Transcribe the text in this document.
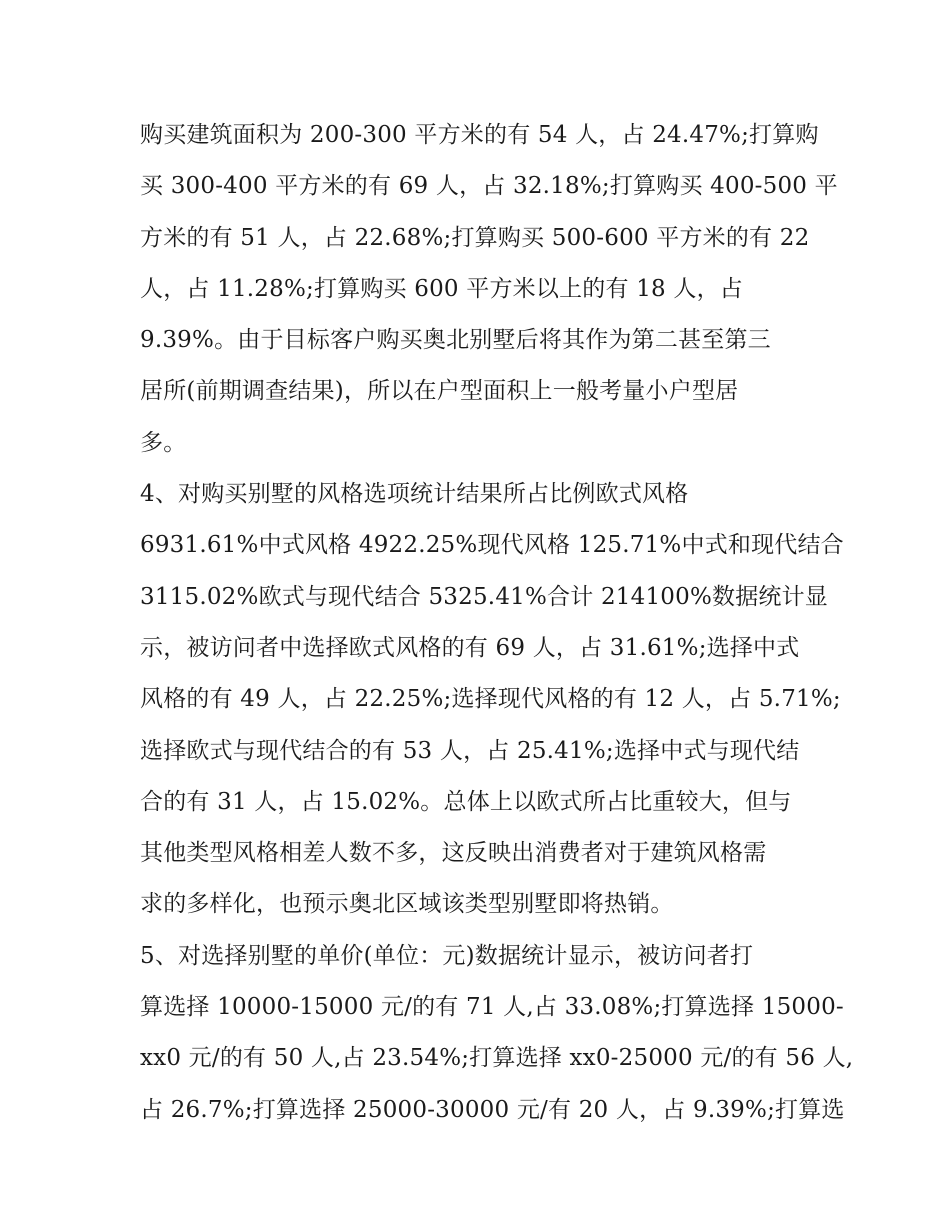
购买建筑面积为 200-300 平方米的有 54 人，占 24.47%;打算购
买 300-400 平方米的有 69 人，占 32.18%;打算购买 400-500 平
方米的有 51 人，占 22.68%;打算购买 500-600 平方米的有 22
人，占 11.28%;打算购买 600 平方米以上的有 18 人，占
9.39%。由于目标客户购买奥北别墅后将其作为第二甚至第三
居所(前期调查结果)，所以在户型面积上一般考量小户型居
多。
4、对购买别墅的风格选项统计结果所占比例欧式风格
6931.61%中式风格 4922.25%现代风格 125.71%中式和现代结合
3115.02%欧式与现代结合 5325.41%合计 214100%数据统计显
示，被访问者中选择欧式风格的有 69 人，占 31.61%;选择中式
风格的有 49 人，占 22.25%;选择现代风格的有 12 人，占 5.71%;
选择欧式与现代结合的有 53 人，占 25.41%;选择中式与现代结
合的有 31 人，占 15.02%。总体上以欧式所占比重较大，但与
其他类型风格相差人数不多，这反映出消费者对于建筑风格需
求的多样化，也预示奥北区域该类型别墅即将热销。
5、对选择别墅的单价(单位：元)数据统计显示，被访问者打
算选择 10000-15000 元/的有 71 人,占 33.08%;打算选择 15000-
xx0 元/的有 50 人,占 23.54%;打算选择 xx0-25000 元/的有 56 人,
占 26.7%;打算选择 25000-30000 元/有 20 人，占 9.39%;打算选
